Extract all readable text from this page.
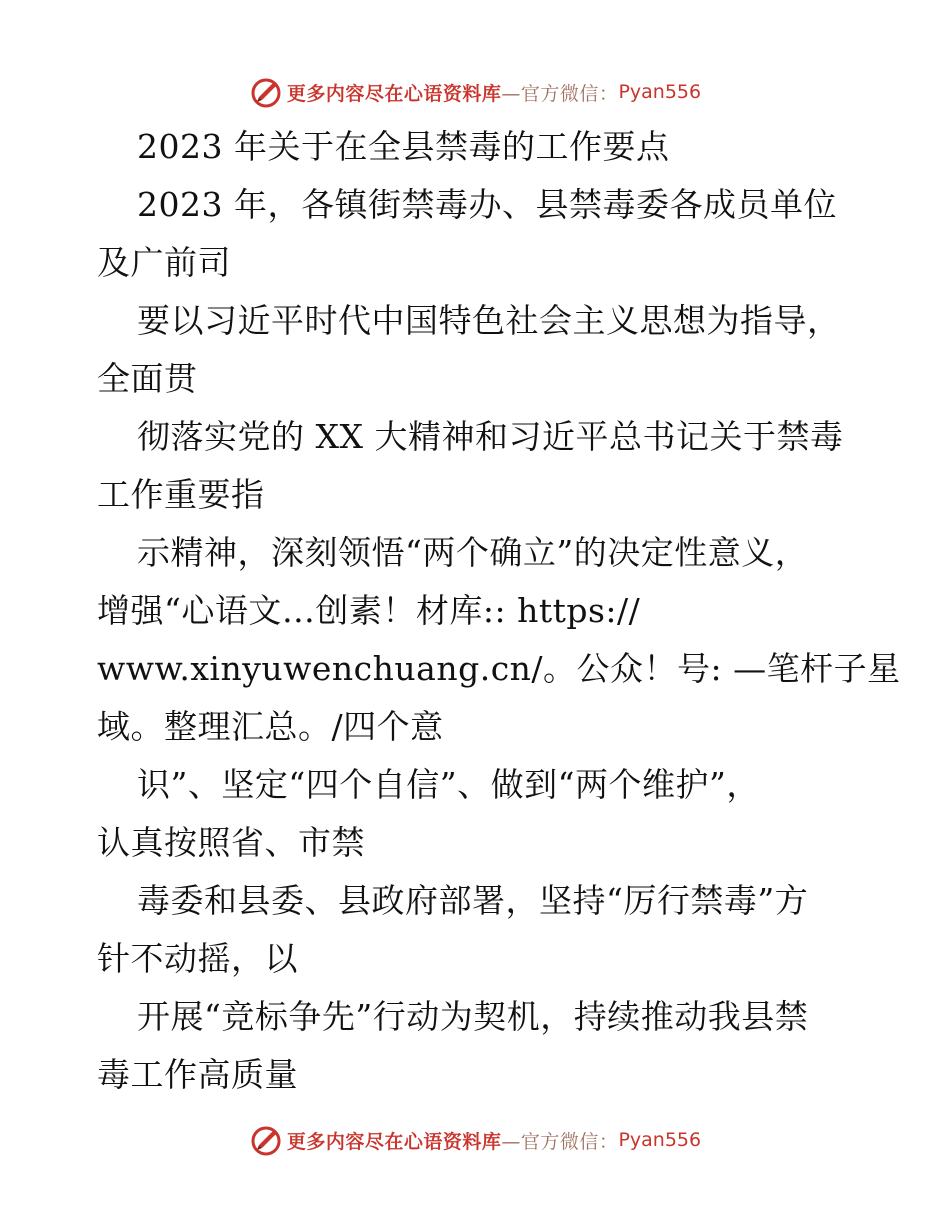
更多内容尽在心语资料库 —官方微信： Pyan556
2023 年关于在全县禁毒的工作要点
2023 年，各镇街禁毒办、县禁毒委各成员单位
及广前司
要以习近平时代中国特色社会主义思想为指导，
全面贯
彻落实党的 XX 大精神和习近平总书记关于禁毒
工作重要指
示精神，深刻领悟“两个确立”的决定性意义，
增强“心语文…创素！材库:: https://
www.xinyuwenchuang.cn/。公众！号: —笔杆子星
域。整理汇总。/四个意
识”、坚定“四个自信”、做到“两个维护”，
认真按照省、市禁
毒委和县委、县政府部署，坚持“厉行禁毒”方
针不动摇，以
开展“竞标争先”行动为契机，持续推动我县禁
毒工作高质量
更多内容尽在心语资料库 —官方微信： Pyan556
